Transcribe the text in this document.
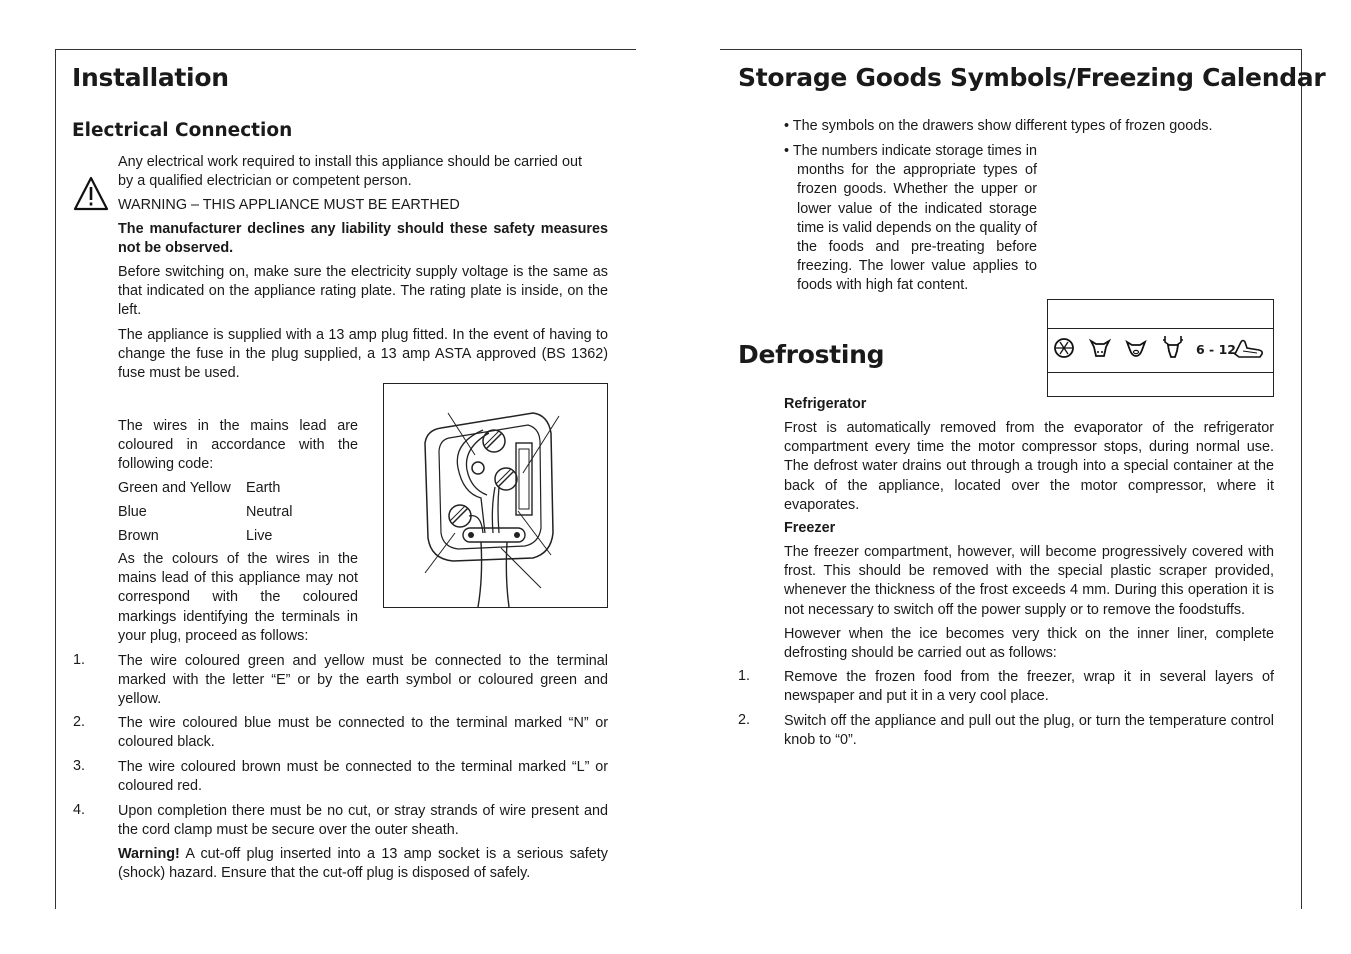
Installation
Electrical Connection

Any electrical work required to install this appliance should be carried out by a qualified electrician or competent person.

WARNING – THIS APPLIANCE MUST BE EARTHED

The manufacturer declines any liability should these safety measures not be observed.

Before switching on, make sure the electricity supply voltage is the same as that indicated on the appliance rating plate. The rating plate is inside, on the left.

The appliance is supplied with a 13 amp plug fitted. In the event of having to change the fuse in the plug supplied, a 13 amp ASTA approved (BS 1362) fuse must be used.

The wires in the mains lead are coloured in accordance with the following code:

Green and Yellow Earth
Blue	Neutral
Brown	Live

As the colours of the wires in the mains lead of this appliance may not correspond with the coloured markings identifying the terminals in your plug, proceed as follows:

1. The wire coloured green and yellow must be connected to the terminal marked with the letter “E” or by the earth symbol or coloured green and yellow.

2. The wire coloured blue must be connected to the terminal marked “N” or coloured black.

3. The wire coloured brown must be connected to the terminal marked “L” or coloured red.

4. Upon completion there must be no cut, or stray strands of wire present and the cord clamp must be secure over the outer sheath.

Warning! A cut-off plug inserted into a 13 amp socket is a serious safety (shock) hazard. Ensure that the cut-off plug is disposed of safely.

Storage Goods Symbols/Freezing Calendar

• The symbols on the drawers show different types of frozen goods.

• The numbers indicate storage times in months for the appropriate types of frozen goods. Whether the upper or lower value of the indicated storage time is valid depends on the quality of the foods and pre-treating before freezing. The lower value applies to foods with high fat content.

6 - 12
Defrosting
Refrigerator

Frost is automatically removed from the evaporator of the refrigerator compartment every time the motor compressor stops, during normal use. The defrost water drains out through a trough into a special container at the back of the appliance, located over the motor compressor, where it evaporates.

Freezer

The freezer compartment, however, will become progressively covered with frost. This should be removed with the special plastic scraper provided, whenever the thickness of the frost exceeds 4 mm. During this operation it is not necessary to switch off the power supply or to remove the foodstuffs.

However when the ice becomes very thick on the inner liner, complete defrosting should be carried out as follows:

1. Remove the frozen food from the freezer, wrap it in several layers of newspaper and put it in a very cool place.

2. Switch off the appliance and pull out the plug, or turn the temperature control knob to “0”.
